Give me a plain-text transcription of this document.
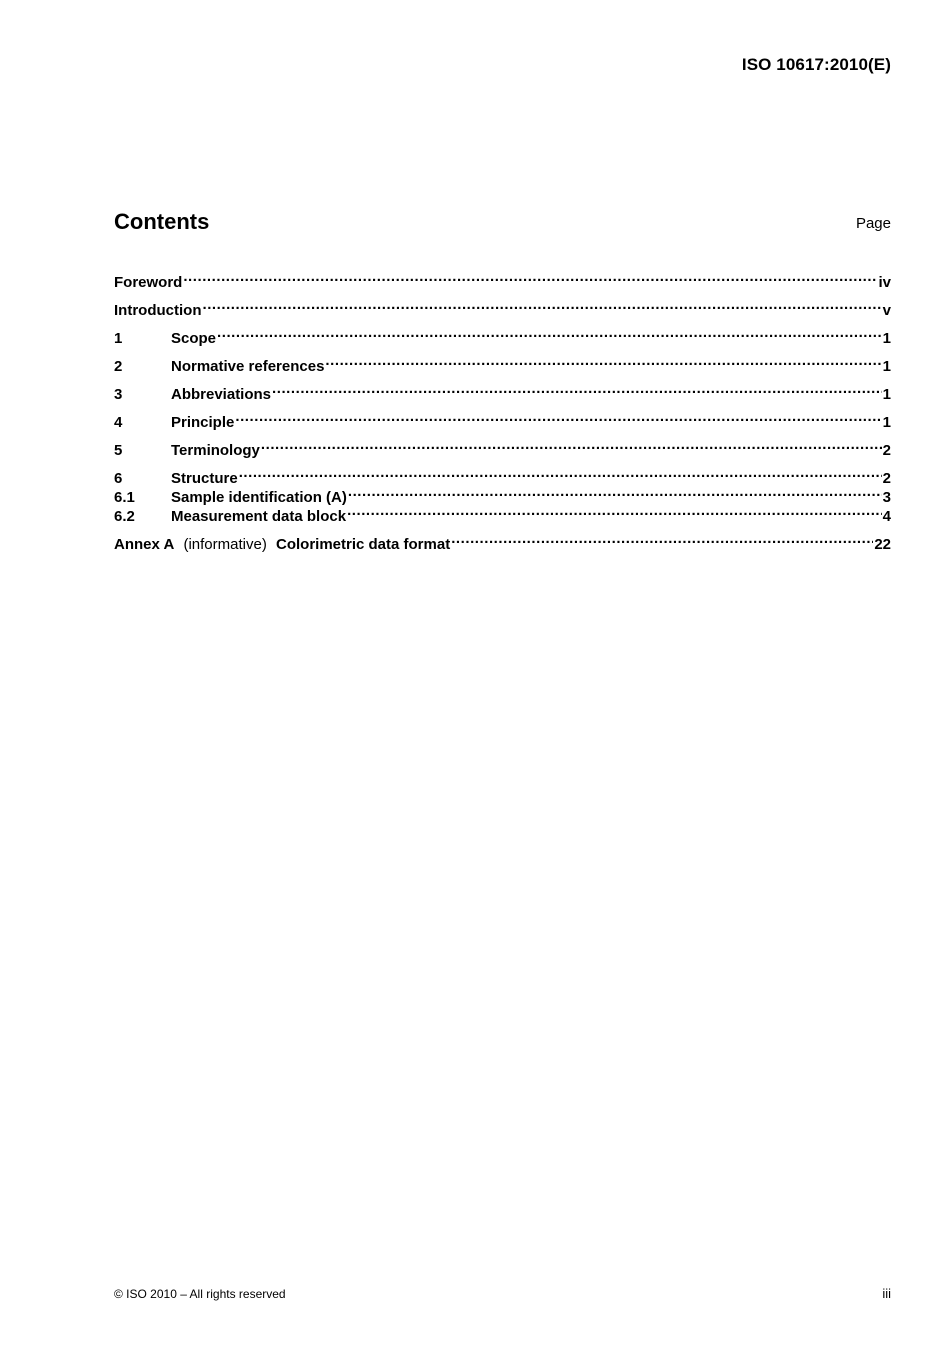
ISO 10617:2010(E)
Contents	Page
Foreword .....	iv
Introduction .....	v
1	Scope .....	1
2	Normative references .....	1
3	Abbreviations .....	1
4	Principle .....	1
5	Terminology .....	2
6	Structure .....	2
6.1	Sample identification (A) .....	3
6.2	Measurement data block .....	4
Annex A (informative) Colorimetric data format .....	22
© ISO 2010 – All rights reserved	iii
